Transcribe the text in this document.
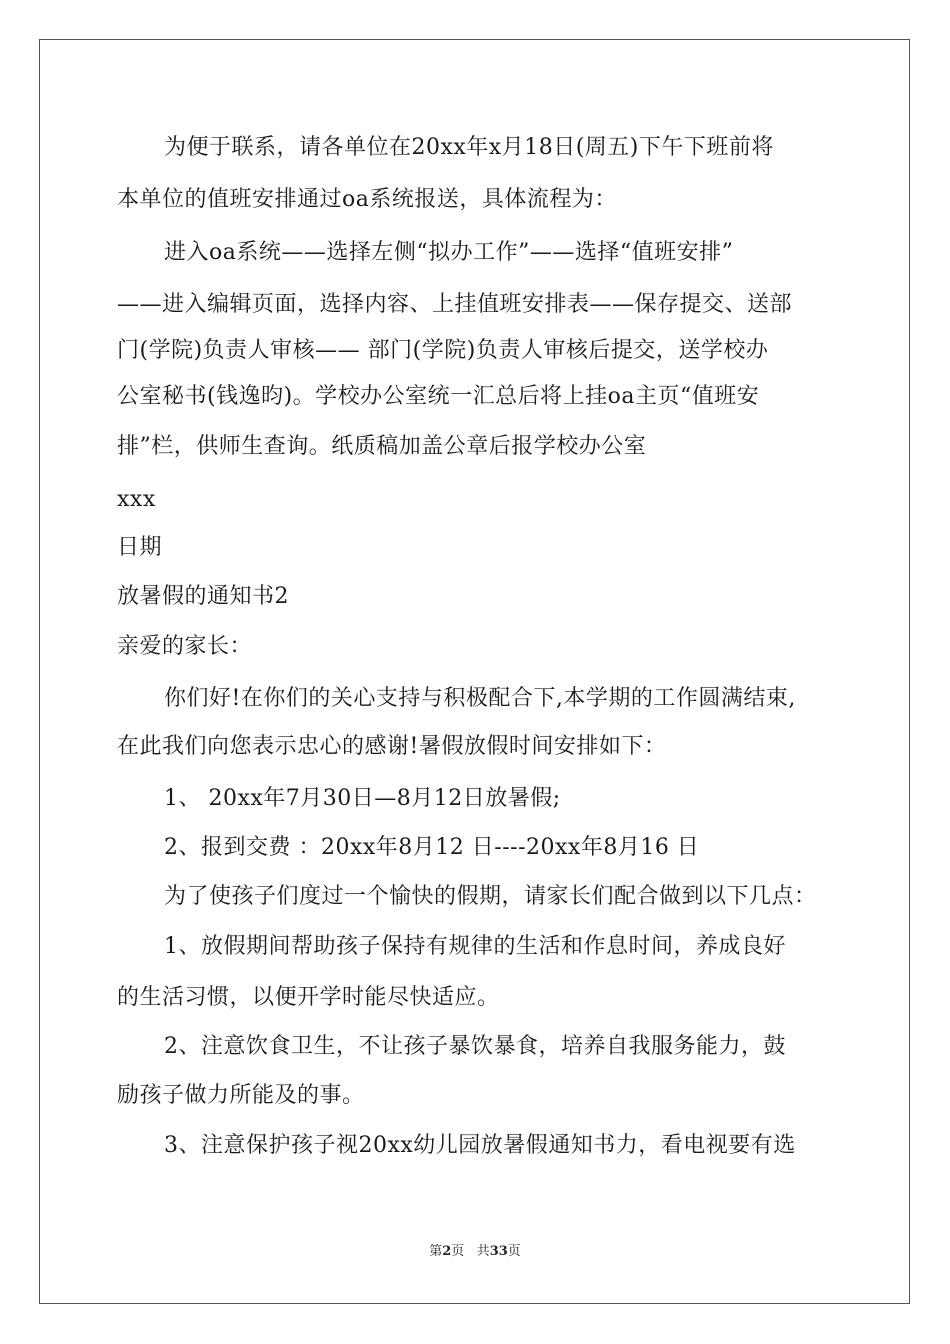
为便于联系，请各单位在20xx年x月18日(周五)下午下班前将
本单位的值班安排通过oa系统报送，具体流程为：
进入oa系统——选择左侧“拟办工作”——选择“值班安排”
——进入编辑页面，选择内容、上挂值班安排表——保存提交、送部
门(学院)负责人审核—— 部门(学院)负责人审核后提交，送学校办
公室秘书(钱逸昀)。学校办公室统一汇总后将上挂oa主页“值班安
排”栏，供师生查询。纸质稿加盖公章后报学校办公室
xxx
日期
放暑假的通知书2
亲爱的家长：
你们好!在你们的关心支持与积极配合下,本学期的工作圆满结束,
在此我们向您表示忠心的感谢!暑假放假时间安排如下：
1、 20xx年7月30日—8月12日放暑假;
2、报到交费 ：20xx年8月12 日----20xx年8月16 日
为了使孩子们度过一个愉快的假期，请家长们配合做到以下几点：
1、放假期间帮助孩子保持有规律的生活和作息时间，养成良好
的生活习惯，以便开学时能尽快适应。
2、注意饮食卫生，不让孩子暴饮暴食，培养自我服务能力，鼓
励孩子做力所能及的事。
3、注意保护孩子视20xx幼儿园放暑假通知书力，看电视要有选
第2页 共33页
